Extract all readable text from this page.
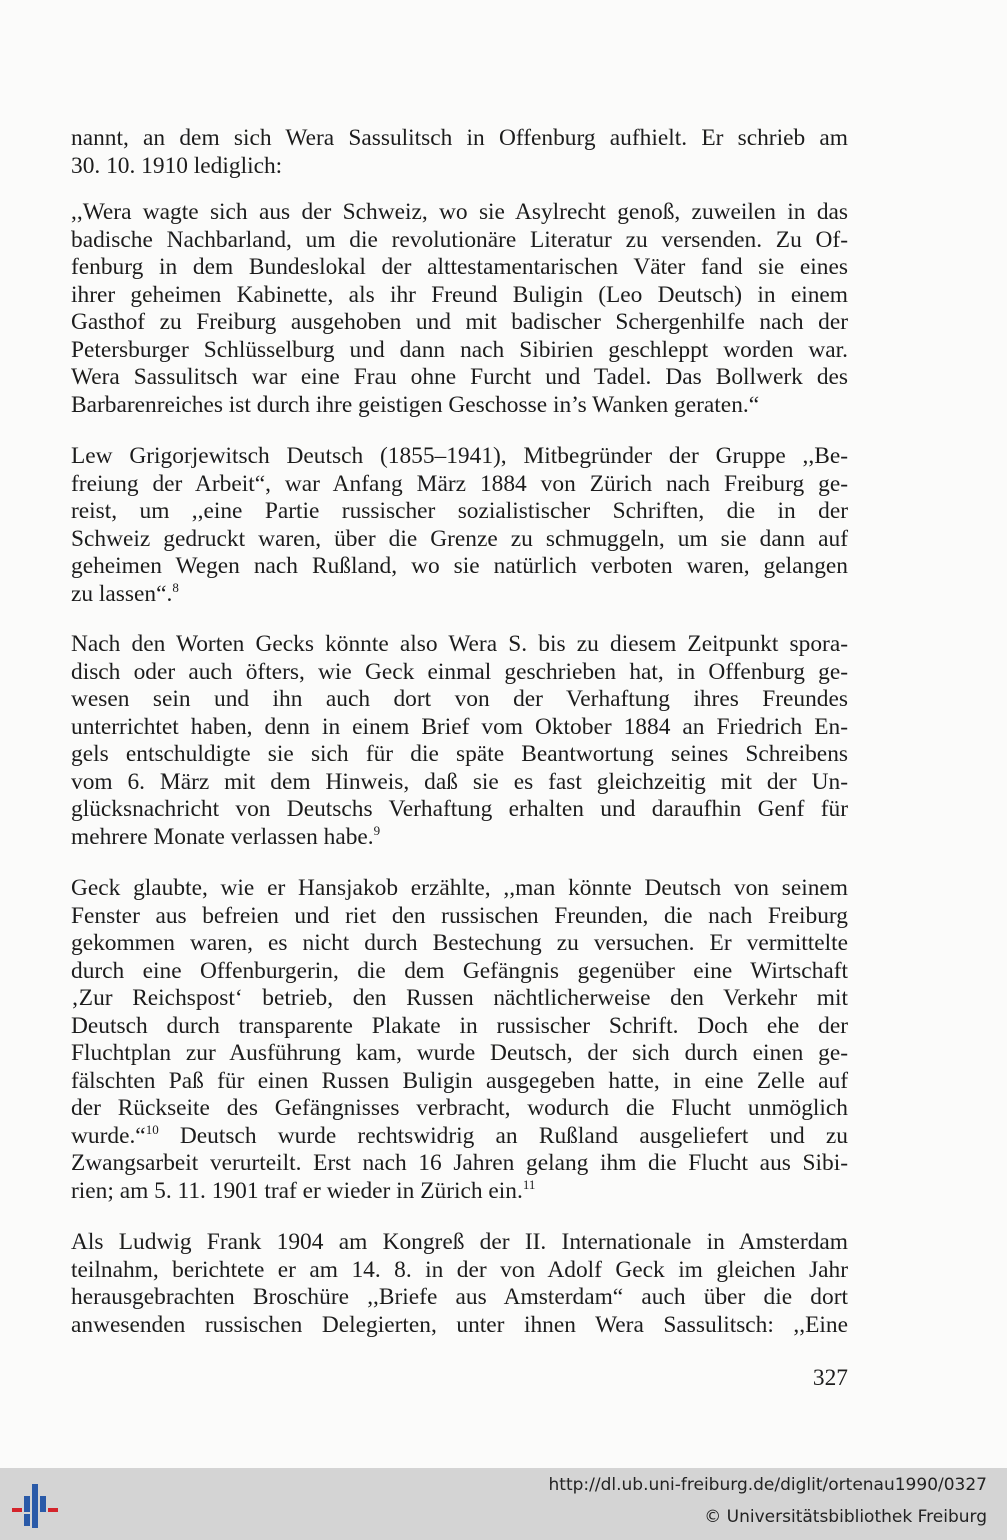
nannt, an dem sich Wera Sassulitsch in Offenburg aufhielt. Er schrieb am
30. 10. 1910 lediglich:
,,Wera wagte sich aus der Schweiz, wo sie Asylrecht genoß, zuweilen in das
badische Nachbarland, um die revolutionäre Literatur zu versenden. Zu Of-
fenburg in dem Bundeslokal der alttestamentarischen Väter fand sie eines
ihrer geheimen Kabinette, als ihr Freund Buligin (Leo Deutsch) in einem
Gasthof zu Freiburg ausgehoben und mit badischer Schergenhilfe nach der
Petersburger Schlüsselburg und dann nach Sibirien geschleppt worden war.
Wera Sassulitsch war eine Frau ohne Furcht und Tadel. Das Bollwerk des
Barbarenreiches ist durch ihre geistigen Geschosse in’s Wanken geraten.“
Lew Grigorjewitsch Deutsch (1855–1941), Mitbegründer der Gruppe ,,Be-
freiung der Arbeit“, war Anfang März 1884 von Zürich nach Freiburg ge-
reist, um ,,eine Partie russischer sozialistischer Schriften, die in der
Schweiz gedruckt waren, über die Grenze zu schmuggeln, um sie dann auf
geheimen Wegen nach Rußland, wo sie natürlich verboten waren, gelangen
zu lassen“.$^8$
Nach den Worten Gecks könnte also Wera S. bis zu diesem Zeitpunkt spora-
disch oder auch öfters, wie Geck einmal geschrieben hat, in Offenburg ge-
wesen sein und ihn auch dort von der Verhaftung ihres Freundes
unterrichtet haben, denn in einem Brief vom Oktober 1884 an Friedrich En-
gels entschuldigte sie sich für die späte Beantwortung seines Schreibens
vom 6. März mit dem Hinweis, daß sie es fast gleichzeitig mit der Un-
glücksnachricht von Deutschs Verhaftung erhalten und daraufhin Genf für
mehrere Monate verlassen habe.$^9$
Geck glaubte, wie er Hansjakob erzählte, ,,man könnte Deutsch von seinem
Fenster aus befreien und riet den russischen Freunden, die nach Freiburg
gekommen waren, es nicht durch Bestechung zu versuchen. Er vermittelte
durch eine Offenburgerin, die dem Gefängnis gegenüber eine Wirtschaft
‚Zur Reichspost‘ betrieb, den Russen nächtlicherweise den Verkehr mit
Deutsch durch transparente Plakate in russischer Schrift. Doch ehe der
Fluchtplan zur Ausführung kam, wurde Deutsch, der sich durch einen ge-
fälschten Paß für einen Russen Buligin ausgegeben hatte, in eine Zelle auf
der Rückseite des Gefängnisses verbracht, wodurch die Flucht unmöglich
wurde.“$^{10}$ Deutsch wurde rechtswidrig an Rußland ausgeliefert und zu
Zwangsarbeit verurteilt. Erst nach 16 Jahren gelang ihm die Flucht aus Sibi-
rien; am 5. 11. 1901 traf er wieder in Zürich ein.$^{11}$
Als Ludwig Frank 1904 am Kongreß der II. Internationale in Amsterdam
teilnahm, berichtete er am 14. 8. in der von Adolf Geck im gleichen Jahr
herausgebrachten Broschüre ,,Briefe aus Amsterdam“ auch über die dort
anwesenden russischen Delegierten, unter ihnen Wera Sassulitsch: ,,Eine
327
http://dl.ub.uni-freiburg.de/diglit/ortenau1990/0327
© Universitätsbibliothek Freiburg
